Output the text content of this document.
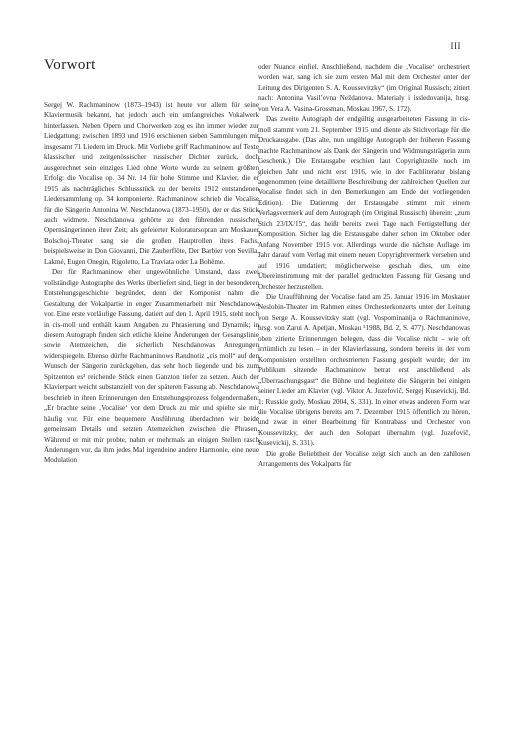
III
Vorwort

Sergej W. Rachmaninow (1873–1943) ist heute vor allem für seine Klaviermusik bekannt, hat jedoch auch ein umfangreiches Vokalwerk hinterlassen. Neben Opern und Chorwerken zog es ihn immer wieder zur Liedgattung; zwischen 1893 und 1916 erschienen sieben Sammlungen mit insgesamt 71 Liedern im Druck. Mit Vorliebe griff Rachmaninow auf Texte klassischer und zeitgenössischer russischer Dichter zurück, doch ausgerechnet sein einziges Lied ohne Worte wurde zu seinem größten Erfolg: die Vocalise op. 34 Nr. 14 für hohe Stimme und Klavier, die er 1915 als nachträgliches Schlussstück zu der bereits 1912 entstandenen Liedersammlung op. 34 komponierte. Rachmaninow schrieb die Vocalise für die Sängerin Antonina W. Neschdanowa (1873–1950), der er das Stück auch widmete. Neschdanowa gehörte zu den führenden russischen Opernsängerinnen ihrer Zeit; als gefeierter Koloratursopran am Moskauer Bolschoj-Theater sang sie die großen Hauptrollen ihres Fachs, beispielsweise in Don Giovanni, Die Zauberflöte, Der Barbier von Sevilla, Lakmé, Eugen Onegin, Rigoletto, La Traviata oder La Bohème.

Der für Rachmaninow eher ungewöhnliche Umstand, dass zwei vollständige Autographe des Werks überliefert sind, liegt in der besonderen Entstehungsgeschichte begründet, denn der Komponist nahm die Gestaltung der Vokalpartie in enger Zusammenarbeit mit Neschdanowa vor. Eine erste vorläufige Fassung, datiert auf den 1. April 1915, steht noch in cis-moll und enthält kaum Angaben zu Phrasierung und Dynamik; in diesem Autograph finden sich etliche kleine Änderungen der Gesangslinie sowie Atemzeichen, die sicherlich Neschdanowas Anregungen widerspiegeln. Ebenso dürfte Rachmaninows Randnotiz „cis moll“ auf den Wunsch der Sängerin zurückgehen, das sehr hoch liegende und bis zum Spitzenton es³ reichende Stück einen Ganzton tiefer zu setzen. Auch der Klavierpart weicht substanziell von der späteren Fassung ab. Neschdanowa beschrieb in ihren Erinnerungen den Entstehungsprozess folgendermaßen: „Er brachte seine ‚Vocalise‘ vor dem Druck zu mir und spielte sie mir häufig vor. Für eine bequemere Ausführung überdachten wir beide gemeinsam Details und setzten Atemzeichen zwischen die Phrasen. Während er mit mir probte, nahm er mehrmals an einigen Stellen rasch Änderungen vor, da ihm jedes Mal irgendeine andere Harmonie, eine neue Modulation

oder Nuance einfiel. Anschließend, nachdem die ‚Vocalise‘ orchestriert worden war, sang ich sie zum ersten Mal mit dem Orchester unter der Leitung des Dirigenten S. A. Koussevitzky“ (im Original Russisch; zitiert nach: Antonina Vasil’evna Neždanova. Materialy i issledovanija, hrsg. von Vera A. Vasina-Grossman, Moskau 1967, S. 172).

Das zweite Autograph der endgültig ausgearbeiteten Fassung in cis-moll stammt vom 21. September 1915 und diente als Stichvorlage für die Druckausgabe. (Das alte, nun ungültige Autograph der früheren Fassung machte Rachmaninow als Dank der Sängerin und Widmungsträgerin zum Geschenk.) Die Erstausgabe erschien laut Copyrightzeile noch im gleichen Jahr und nicht erst 1916, wie in der Fachliteratur bislang angenommen (eine detaillierte Beschreibung der zahlreichen Quellen zur Vocalise findet sich in den Bemerkungen am Ende der vorliegenden Edition). Die Datierung der Erstausgabe stimmt mit einem Verlagsvermerk auf dem Autograph (im Original Russisch) überein: „zum Stich 23/IX/15“, das heißt bereits zwei Tage nach Fertigstellung der Komposition. Sicher lag die Erstausgabe daher schon im Oktober oder Anfang November 1915 vor. Allerdings wurde die nächste Auflage im Jahr darauf vom Verlag mit einem neuen Copyrightvermerk versehen und auf 1916 umdatiert; möglicherweise geschah dies, um eine Übereinstimmung mit der parallel gedruckten Fassung für Gesang und Orchester herzustellen.

Die Uraufführung der Vocalise fand am 25. Januar 1916 im Moskauer Neslobin-Theater im Rahmen eines Orchesterkonzerts unter der Leitung von Serge A. Koussevitzky statt (vgl. Vospominanija o Rachmaninove, hrsg. von Zarui A. Apetjan, Moskau ⁵1988, Bd. 2, S. 477). Neschdanowas oben zitierte Erinnerungen belegen, dass die Vocalise nicht – wie oft irrtümlich zu lesen – in der Klavierfassung, sondern bereits in der vom Komponisten erstellten orchestrierten Fassung gespielt wurde; der im Publikum sitzende Rachmaninow betrat erst anschließend als „Überraschungsgast“ die Bühne und begleitete die Sängerin bei einigen seiner Lieder am Klavier (vgl. Viktor A. Juzefovič, Sergej Kusevickij, Bd. 1: Russkie gody, Moskau 2004, S. 331). In einer etwas anderen Form war die Vocalise übrigens bereits am 7. Dezember 1915 öffentlich zu hören, und zwar in einer Bearbeitung für Kontrabass und Orchester von Koussevitzky, der auch den Solopart übernahm (vgl. Juzefovič, Kusevickij, S. 331).

Die große Beliebtheit der Vocalise zeigt sich auch an den zahllosen Arrangements des Vokalparts für
